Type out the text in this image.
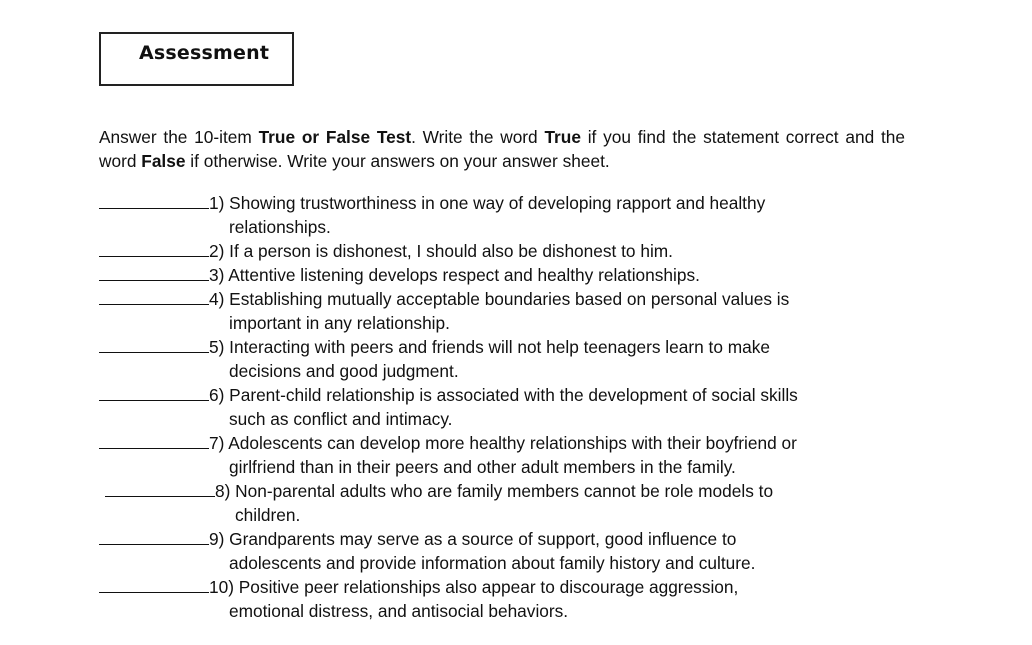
Assessment
Answer the 10-item True or False Test. Write the word True if you find the statement correct and the word False if otherwise. Write your answers on your answer sheet.
1) Showing trustworthiness in one way of developing rapport and healthy
relationships.
2) If a person is dishonest, I should also be dishonest to him.
3) Attentive listening develops respect and healthy relationships.
4) Establishing mutually acceptable boundaries based on personal values is
important in any relationship.
5) Interacting with peers and friends will not help teenagers learn to make
decisions and good judgment.
6) Parent-child relationship is associated with the development of social skills
such as conflict and intimacy.
7) Adolescents can develop more healthy relationships with their boyfriend or
girlfriend than in their peers and other adult members in the family.
8) Non-parental adults who are family members cannot be role models to
children.
9) Grandparents may serve as a source of support, good influence to
adolescents and provide information about family history and culture.
10) Positive peer relationships also appear to discourage aggression,
emotional distress, and antisocial behaviors.
